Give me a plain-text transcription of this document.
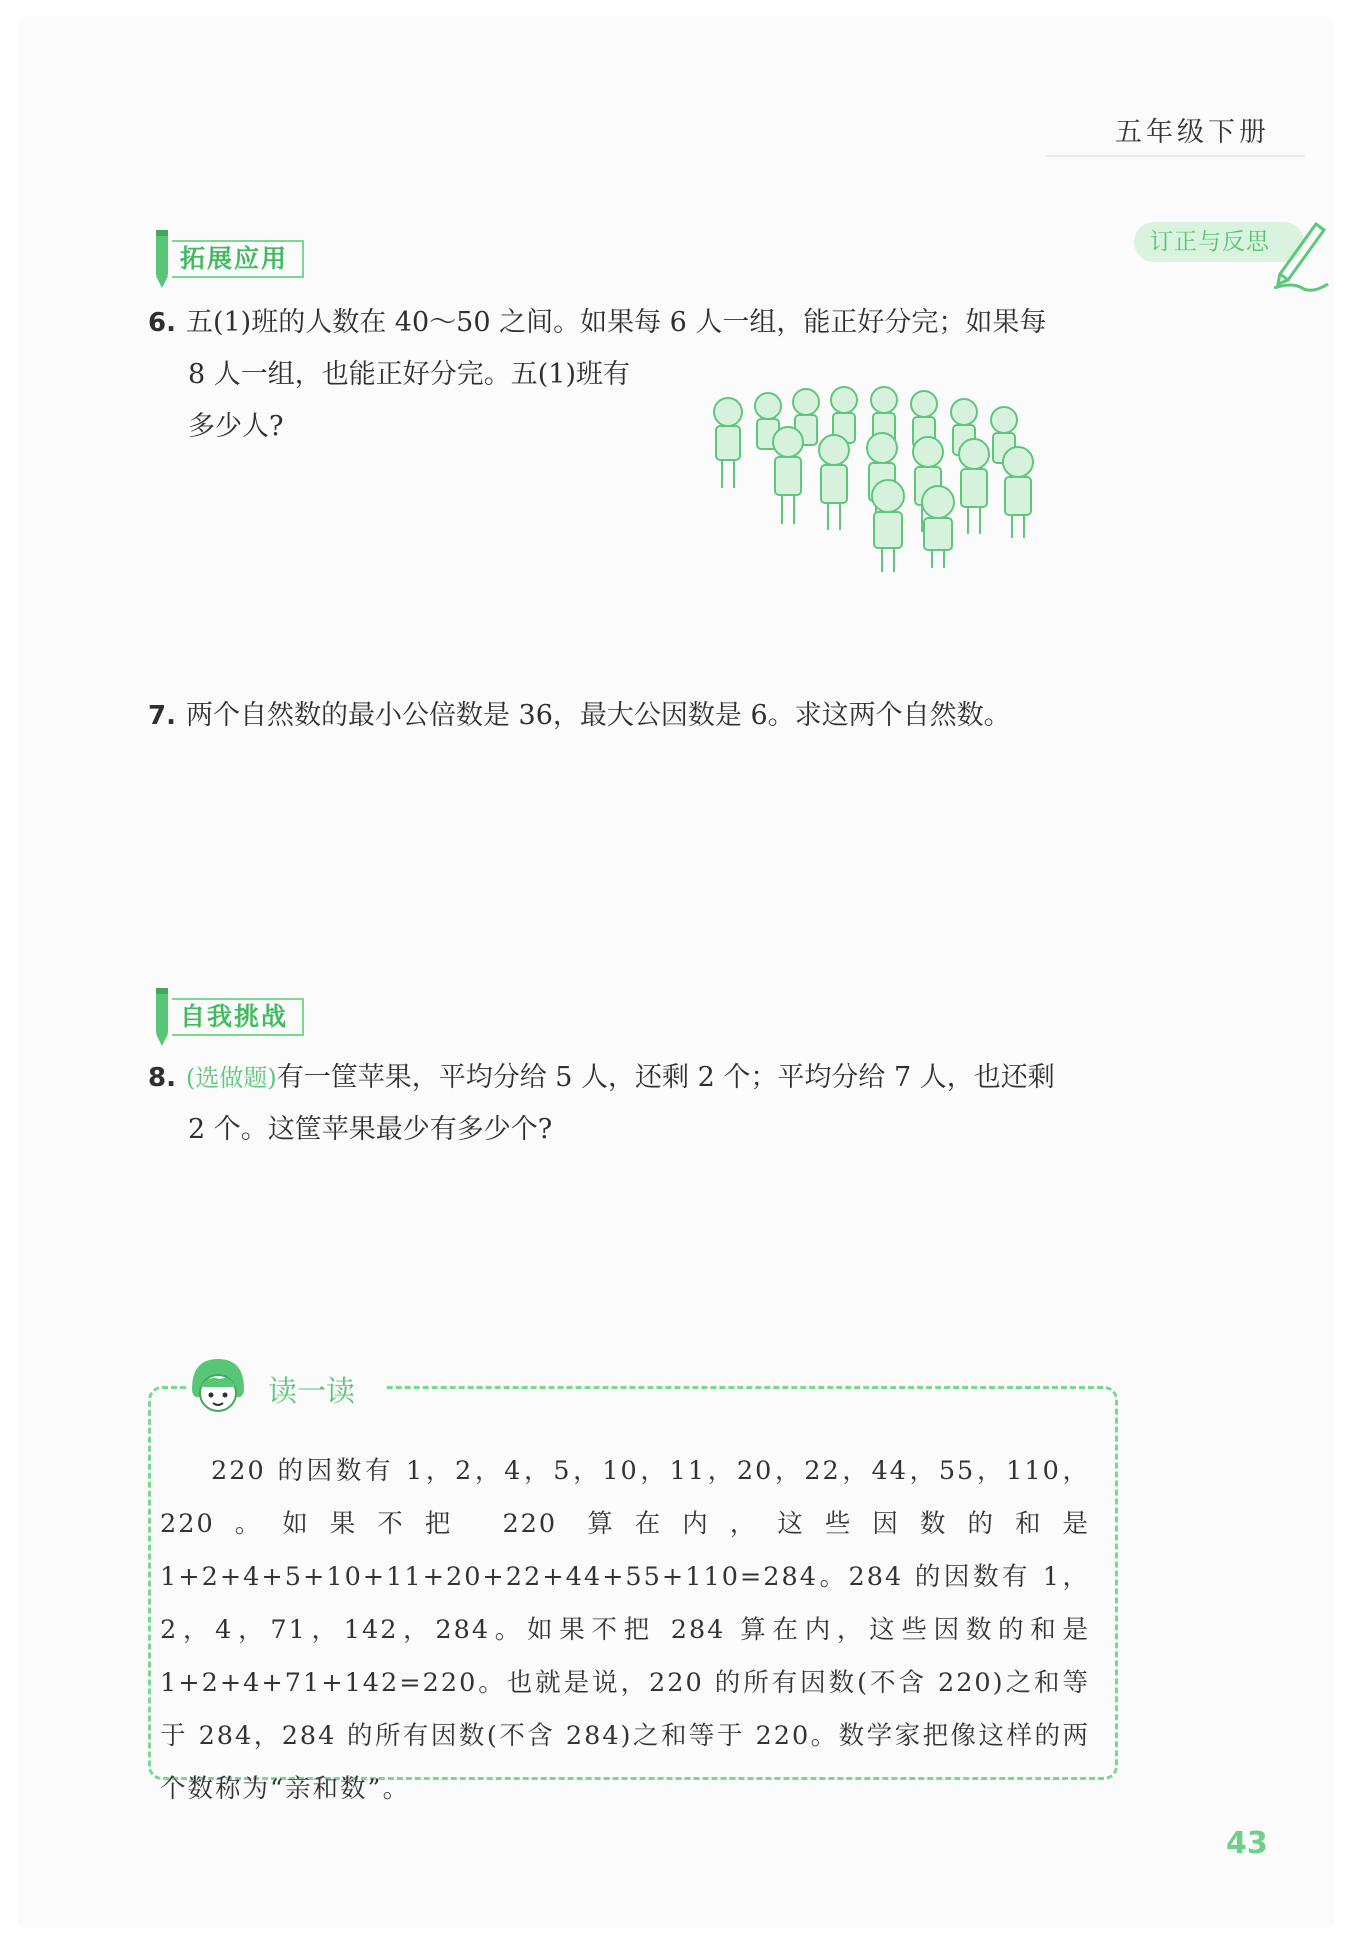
五年级下册
订正与反思
拓展应用
6. 五(1)班的人数在 40～50 之间。如果每 6 人一组，能正好分完；如果每
8 人一组，也能正好分完。五(1)班有
多少人?
7. 两个自然数的最小公倍数是 36，最大公因数是 6。求这两个自然数。
自我挑战
8. (选做题)有一筐苹果，平均分给 5 人，还剩 2 个；平均分给 7 人，也还剩
2 个。这筐苹果最少有多少个?
读一读

220 的因数有 1，2，4，5，10，11，20，22，44，55，110，220。如果不把 220 算在内，这些因数的和是 1+2+4+5+10+11+20+22+44+55+110=284。284 的因数有 1，2，4，71，142，284。如果不把 284 算在内，这些因数的和是 1+2+4+71+142=220。也就是说，220 的所有因数(不含 220)之和等于 284，284 的所有因数(不含 284)之和等于 220。数学家把像这样的两个数称为“亲和数”。

43
